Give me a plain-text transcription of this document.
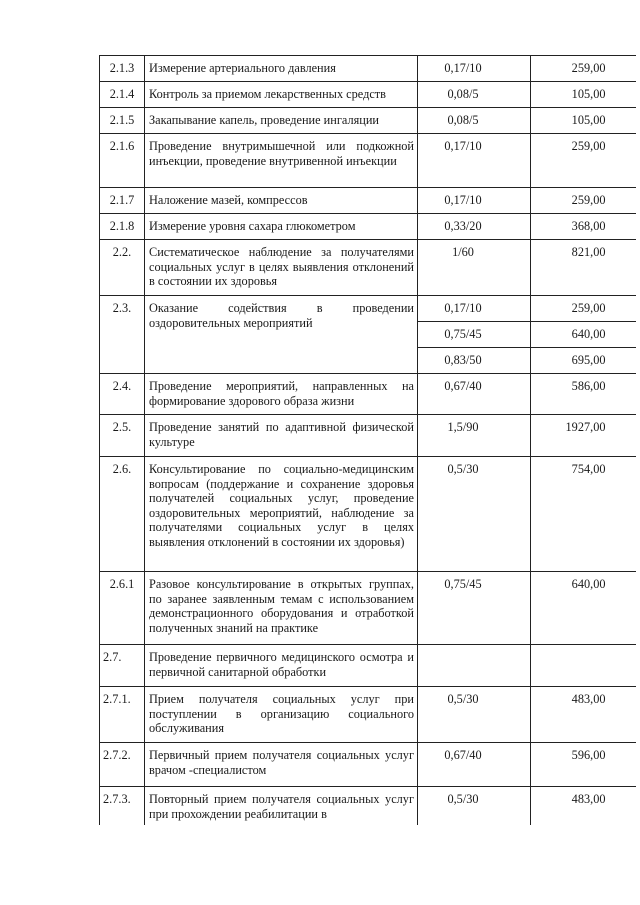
2.1.3	Измерение артериального давления	0,17/10	259,00
2.1.4	Контроль за приемом лекарственных средств	0,08/5	105,00
2.1.5	Закапывание капель, проведение ингаляции	0,08/5	105,00
2.1.6	Проведение внутримышечной или подкожной инъекции, проведение внутривенной инъекции	0,17/10	259,00
2.1.7	Наложение мазей, компрессов	0,17/10	259,00
2.1.8	Измерение уровня сахара глюкометром	0,33/20	368,00
2.2.	Систематическое наблюдение за получателями социальных услуг в целях выявления отклонений в состоянии их здоровья	1/60	821,00
2.3.	Оказание содействия в проведении оздоровительных мероприятий	0,17/10	259,00
		0,75/45	640,00
		0,83/50	695,00
2.4.	Проведение мероприятий, направленных на формирование здорового образа жизни	0,67/40	586,00
2.5.	Проведение занятий по адаптивной физической культуре	1,5/90	1927,00
2.6.	Консультирование по социально-медицинским вопросам (поддержание и сохранение здоровья получателей социальных услуг, проведение оздоровительных мероприятий, наблюдение за получателями социальных услуг в целях выявления отклонений в состоянии их здоровья)	0,5/30	754,00
2.6.1	Разовое консультирование в открытых группах, по заранее заявленным темам с использованием демонстрационного оборудования и отработкой полученных знаний на практике	0,75/45	640,00
2.7.	Проведение первичного медицинского осмотра и первичной санитарной обработки		
2.7.1.	Прием получателя социальных услуг при поступлении в организацию социального обслуживания	0,5/30	483,00
2.7.2.	Первичный прием получателя социальных услуг врачом -специалистом	0,67/40	596,00
2.7.3.	Повторный прием получателя социальных услуг при прохождении реабилитации в	0,5/30	483,00
